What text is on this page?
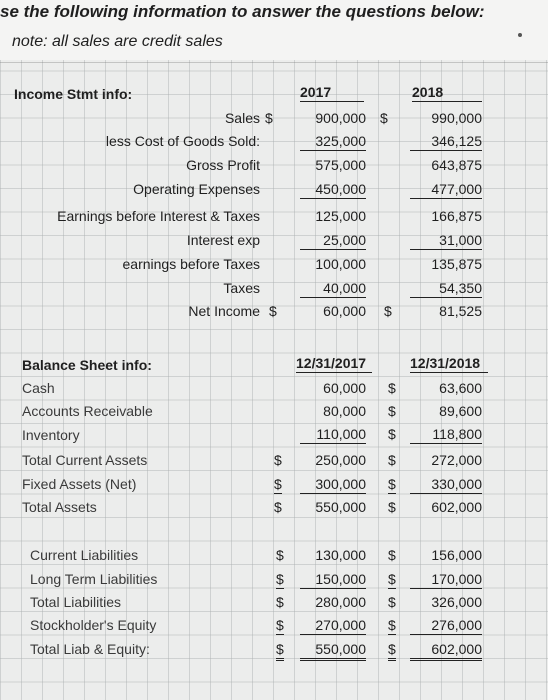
se the following information to answer the questions below:
note: all sales are credit sales
Income Stmt info:	2017	2018
Sales $	900,000 $	990,000
less Cost of Goods Sold:	325,000	346,125
Gross Profit	575,000	643,875
Operating Expenses	450,000	477,000
Earnings before Interest & Taxes	125,000	166,875
Interest exp	25,000	31,000
earnings before Taxes	100,000	135,875
Taxes	40,000	54,350
Net Income $	60,000 $	81,525
Balance Sheet info:	12/31/2017	12/31/2018
Cash	60,000 $	63,600
Accounts Receivable	80,000 $	89,600
Inventory	110,000 $	118,800
Total Current Assets	$	250,000 $	272,000
Fixed Assets (Net)	$	300,000 $	330,000
Total Assets	$	550,000 $	602,000
Current Liabilities	$	130,000 $	156,000
Long Term Liabilities	$	150,000 $	170,000
Total Liabilities	$	280,000 $	326,000
Stockholder's Equity	$	270,000 $	276,000
Total Liab & Equity:	$	550,000 $	602,000
